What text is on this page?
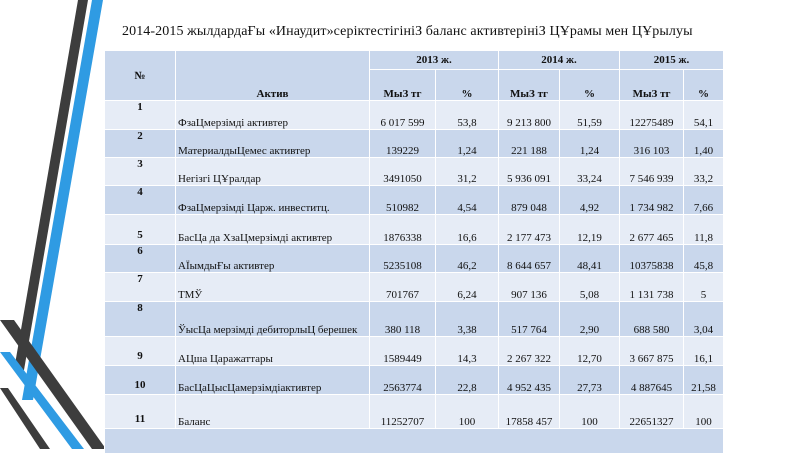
2014-2015 жылдардаҒы «Инаудит»серіктестігініЗ баланс активтерініЗ ЦҰрамы мен ЦҰрылуы
№	Актив	2013 ж.		2014 ж.		2015 ж.	
		МыЗ тг	%	МыЗ тг	%	МыЗ тг	%
1	ФзаЦмерзімді активтер	6 017 599	53,8	9 213 800	51,59	12275489	54,1
2	МатериалдыЦемес активтер	139229	1,24	221 188	1,24	316 103	1,40
3	Негізгі ЦҰралдар	3491050	31,2	5 936 091	33,24	7 546 939	33,2
4	ФзаЦмерзімді Царж. инвеститц.	510982	4,54	879 048	4,92	1 734 982	7,66
5	БасЦа да ХзаЦмерзімді активтер	1876338	16,6	2 177 473	12,19	2 677 465	11,8
6	АЇымдыҒы активтер	5235108	46,2	8 644 657	48,41	10375838	45,8
7	ТМЎ	701767	6,24	907 136	5,08	1 131 738	5
8	ЎысЦа мерзімді дебиторлыЦ берешек	380 118	3,38	517 764	2,90	688 580	3,04
9	АЦша Царажаттары	1589449	14,3	2 267 322	12,70	3 667 875	16,1
10	БасЦаЦысЦамерзімдіактивтер	2563774	22,8	4 952 435	27,73	4 887645	21,58
11	Баланс	11252707	100	17858 457	100	22651327	100
